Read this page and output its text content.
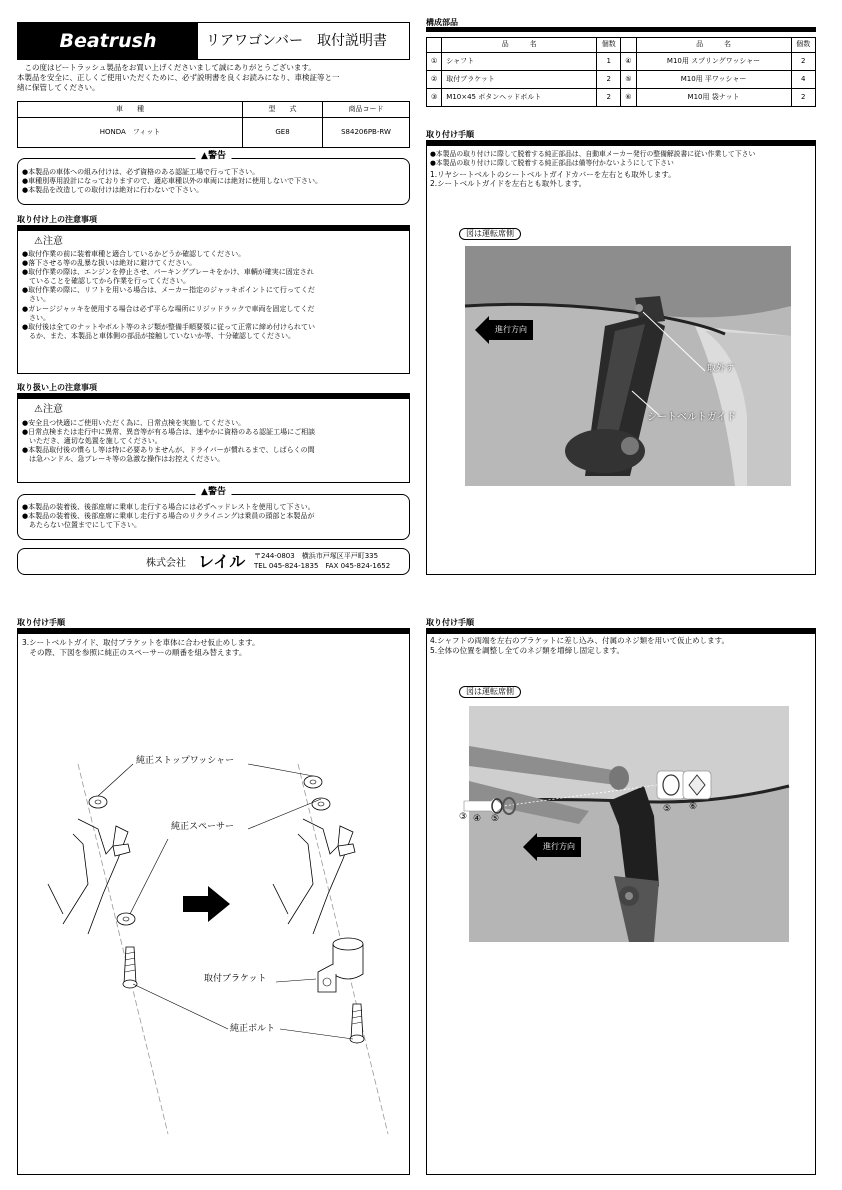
Beatrush	リアワゴンバー　取付説明書
　この度はビートラッシュ製品をお買い上げくださいまして誠にありがとうございます。
本製品を安全に、正しくご使用いただくために、必ず説明書を良くお読みになり、車検証等と一
緒に保管してください。
車　　種	型　　式	商品コード
HONDA　フィット	GE8	S84206PB-RW
▲警告
●本製品の車体への組み付けは、必ず資格のある認証工場で行って下さい。
●車種別専用設計になっておりますので、適応車種以外の車両には絶対に使用しないで下さい。
●本製品を改造しての取付けは絶対に行わないで下さい。
取り付け上の注意事項
⚠注意
●取付作業の前に装着車種と適合しているかどうか確認してください。
●落下させる等の乱暴な扱いは絶対に避けてください。
●取付作業の際は、エンジンを停止させ、パーキングブレーキをかけ、車輌が確実に固定され
　ていることを確認してから作業を行ってください。
●取付作業の際に、リフトを用いる場合は、メーカー指定のジャッキポイントにて行ってくだ
　さい。
●ガレージジャッキを使用する場合は必ず平らな場所にリジッドラックで車両を固定してくだ
　さい。
●取付後は全てのナットやボルト等のネジ類が整備手順要領に従って正常に締め付けられてい
　るか、また、本製品と車体側の部品が接触していないか等、十分確認してください。
取り扱い上の注意事項
⚠注意
●安全且つ快適にご使用いただく為に、日常点検を実施してください。
●日常点検または走行中に異常、異音等が有る場合は、速やかに資格のある認証工場にご相談
　いただき、適切な処置を施してください。
●本製品取付後の慣らし等は特に必要ありませんが、ドライバーが慣れるまで、しばらくの間
　は急ハンドル、急ブレーキ等の急激な操作はお控えください。
▲警告
●本製品の装着後、後部座席に乗車し走行する場合には必ずヘッドレストを使用して下さい。
●本製品の装着後、後部座席に乗車し走行する場合のリクライニングは乗員の頭部と本製品が
　あたらない位置までにして下さい。
株式会社 レイル 〒244-0803　横浜市戸塚区平戸町335
TEL 045-824-1835　FAX 045-824-1652
構成部品
	品　　　名	個数		品　　　名	個数
①	シャフト	1	④	M10用 スプリングワッシャー	2
②	取付ブラケット	2	⑤	M10用 平ワッシャー	4
③	M10×45 ボタンヘッドボルト	2	⑥	M10用 袋ナット	2
取り付け手順
●本製品の取り付けに際して脱着する純正部品は、自動車メーカー発行の整備解説書に従い作業して下さい
●本製品の取り付けに際して脱着する純正部品は備等付かないようにして下さい
1.リヤシートベルトのシートベルトガイドカバーを左右とも取外します。
2.シートベルトガイドを左右とも取外します。
図は運転席側
進行方向
取外す
シートベルトガイド
取り付け手順
3.シートベルトガイド、取付ブラケットを車体に合わせ仮止めします。
　その際、下図を参照に純正のスペーサーの順番を組み替えます。
純正ストップワッシャー
純正スペーサー
取付ブラケット
純正ボルト
取り付け手順
4.シャフトの両端を左右のブラケットに差し込み、付属のネジ類を用いて仮止めします。
5.全体の位置を調整し全てのネジ類を増締し固定します。
図は運転席側
進行方向
③ ④ ⑤
⑤ ⑥
